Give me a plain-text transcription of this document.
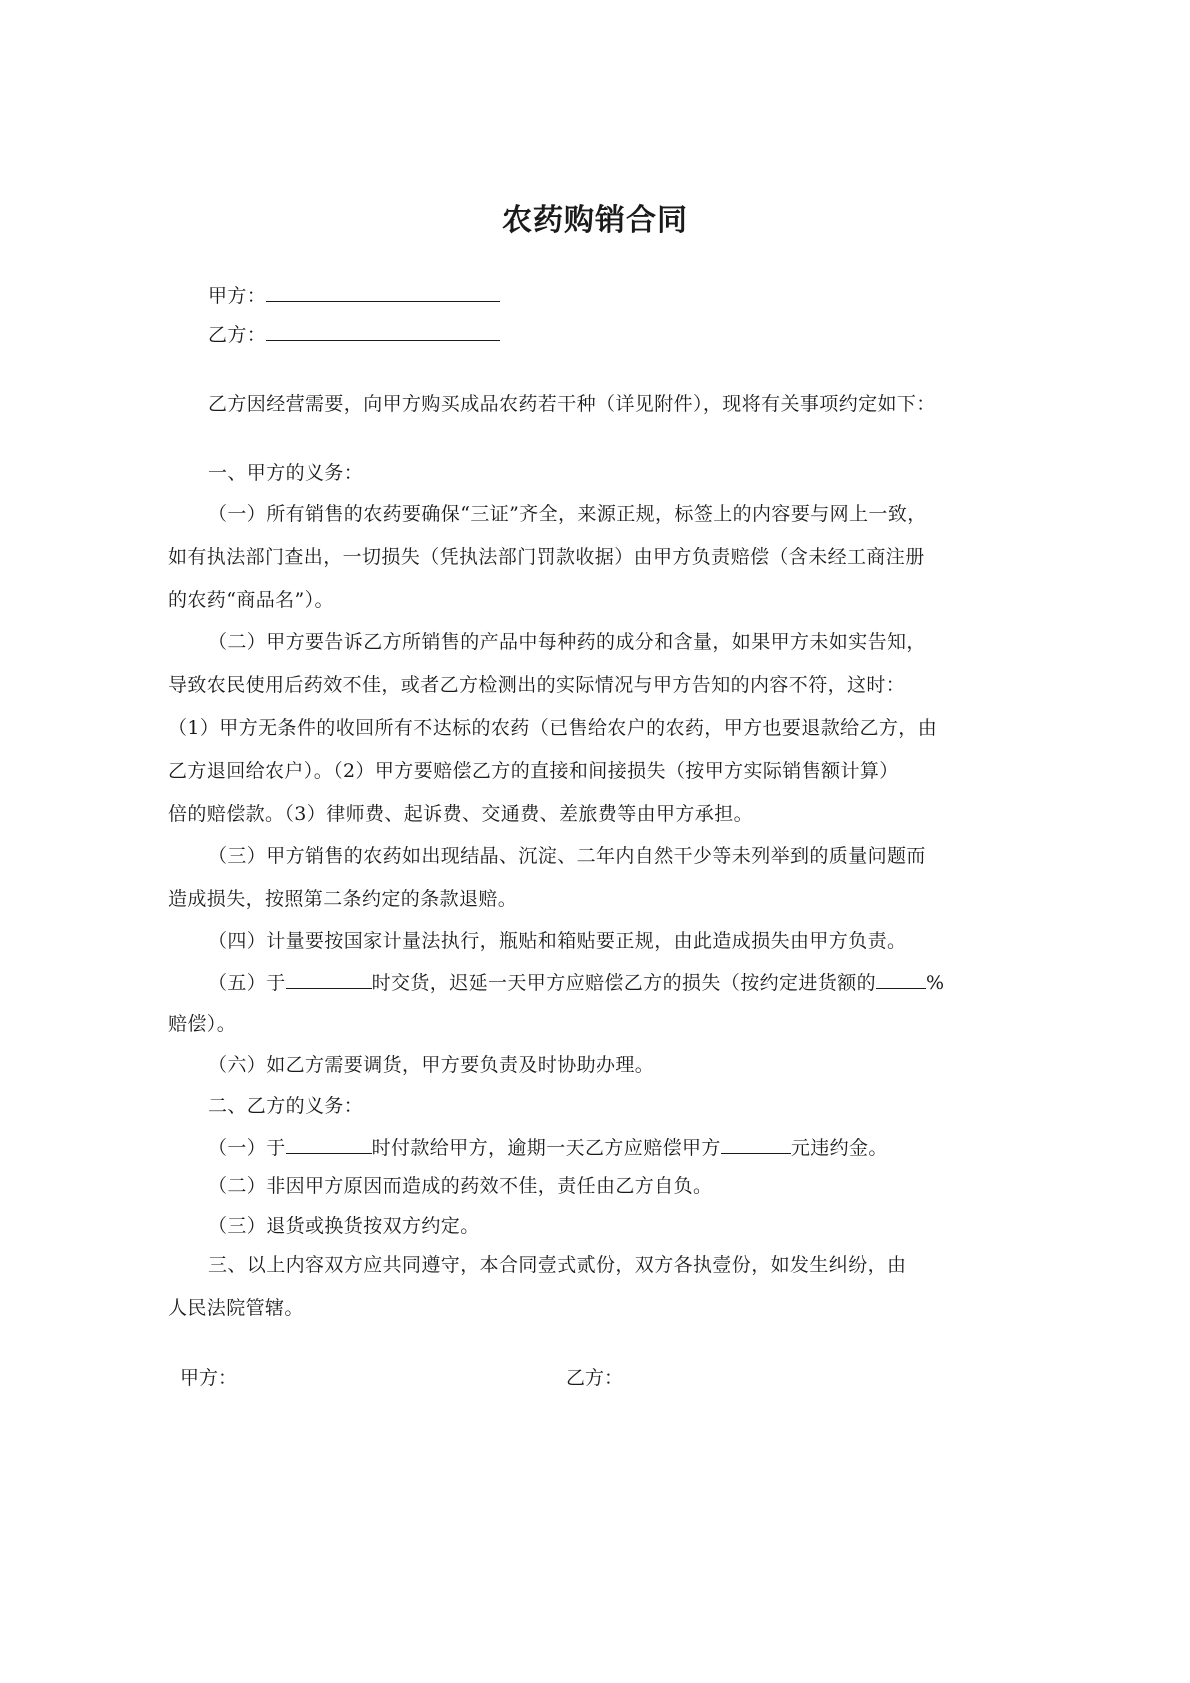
农药购销合同
甲方：
乙方：
乙方因经营需要，向甲方购买成品农药若干种（详见附件），现将有关事项约定如下：
一、甲方的义务：
（一）所有销售的农药要确保“三证”齐全，来源正规，标签上的内容要与网上一致，
如有执法部门查出，一切损失（凭执法部门罚款收据）由甲方负责赔偿（含未经工商注册
的农药“商品名”）。
（二）甲方要告诉乙方所销售的产品中每种药的成分和含量，如果甲方未如实告知，
导致农民使用后药效不佳，或者乙方检测出的实际情况与甲方告知的内容不符，这时：
（1）甲方无条件的收回所有不达标的农药（已售给农户的农药，甲方也要退款给乙方，由
乙方退回给农户）。（2）甲方要赔偿乙方的直接和间接损失（按甲方实际销售额计算）
倍的赔偿款。（3）律师费、起诉费、交通费、差旅费等由甲方承担。
（三）甲方销售的农药如出现结晶、沉淀、二年内自然干少等未列举到的质量问题而
造成损失，按照第二条约定的条款退赔。
（四）计量要按国家计量法执行，瓶贴和箱贴要正规，由此造成损失由甲方负责。
（五）于	时交货，迟延一天甲方应赔偿乙方的损失（按约定进货额的	%
赔偿）。
（六）如乙方需要调货，甲方要负责及时协助办理。
二、乙方的义务：
（一）于	时付款给甲方，逾期一天乙方应赔偿甲方	元违约金。
（二）非因甲方原因而造成的药效不佳，责任由乙方自负。
（三）退货或换货按双方约定。
三、以上内容双方应共同遵守，本合同壹式贰份，双方各执壹份，如发生纠纷，由
人民法院管辖。
甲方：	乙方：
